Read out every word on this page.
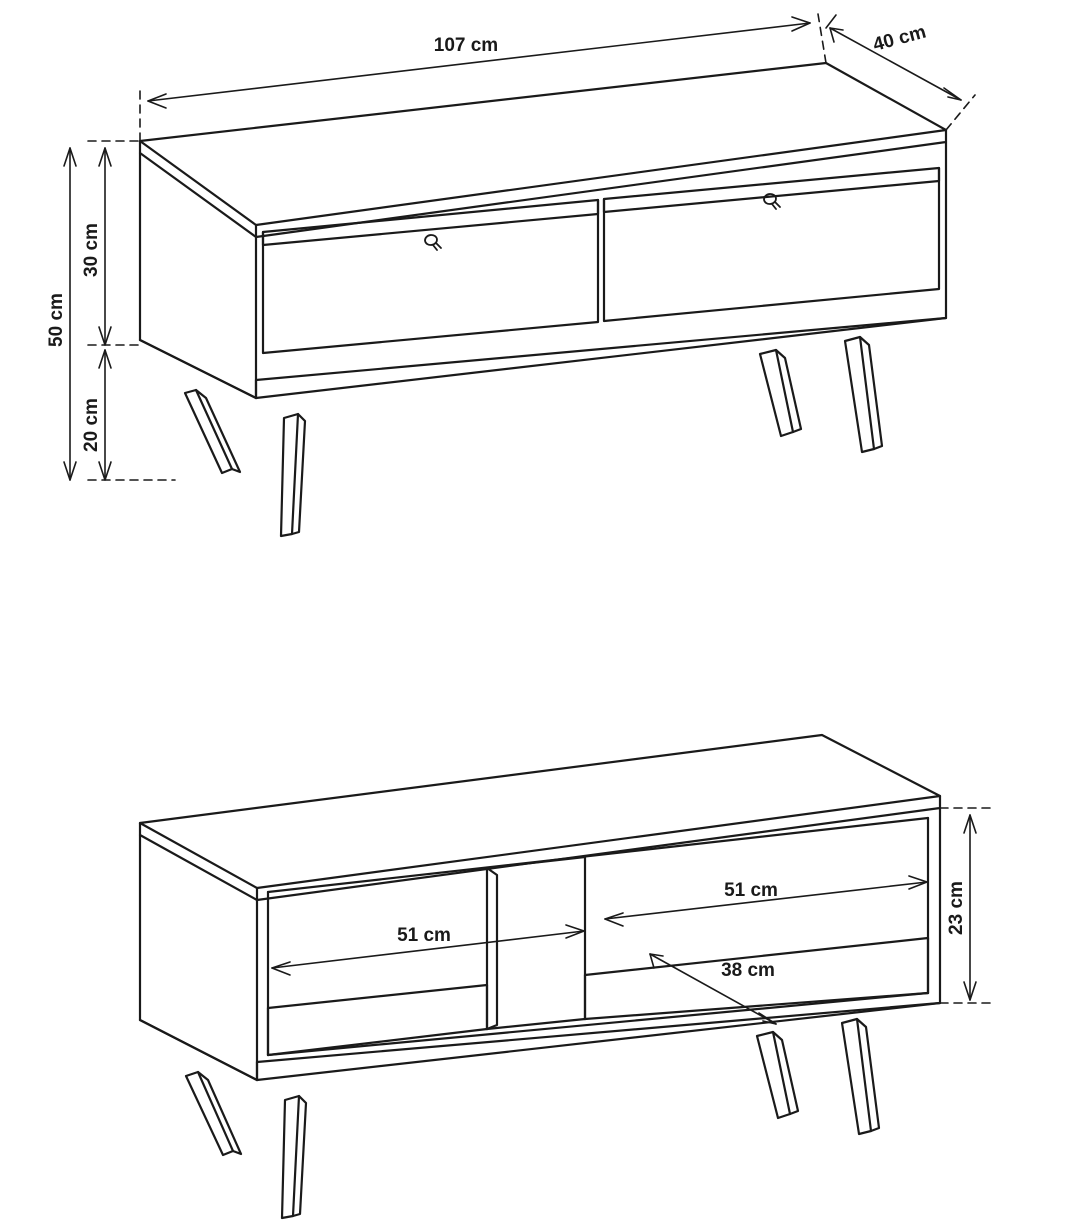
107 cm	40 cm
50 cm
30 cm
20 cm
51 cm
51 cm
38 cm
23 cm
